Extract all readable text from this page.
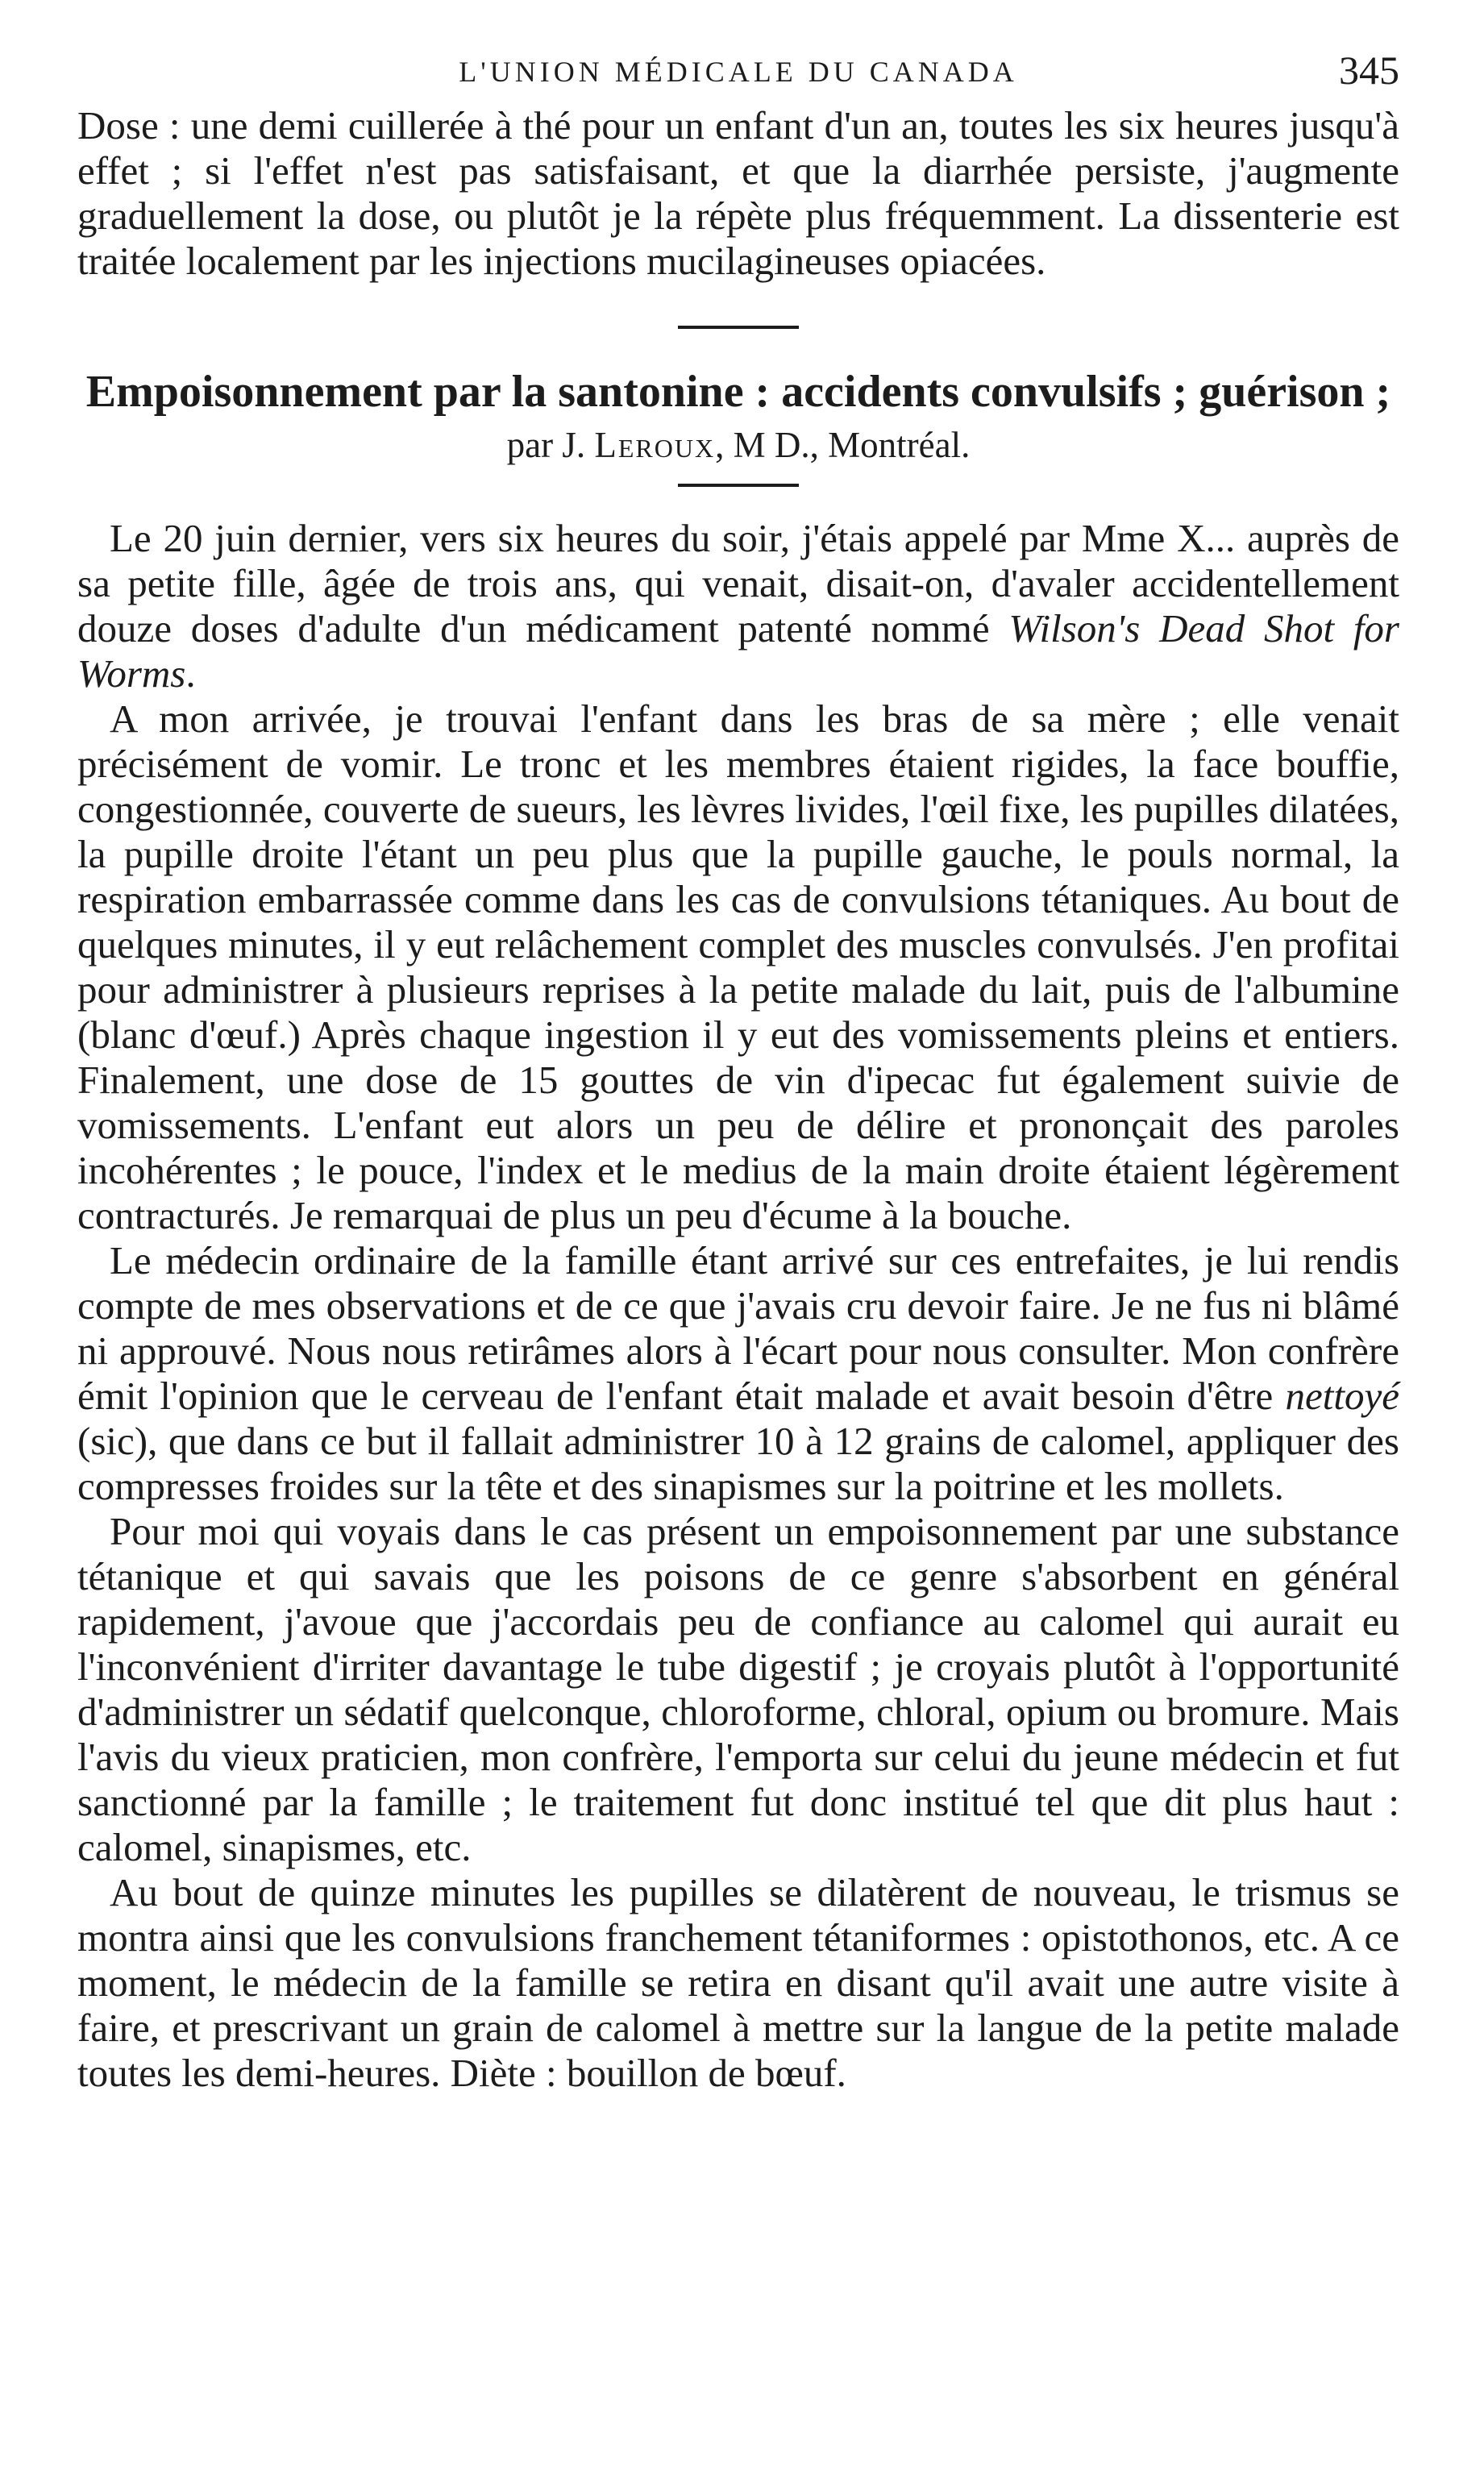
L'UNION MÉDICALE DU CANADA	345

Dose : une demi cuillerée à thé pour un enfant d'un an, toutes les six heures jusqu'à effet ; si l'effet n'est pas satisfaisant, et que la diarrhée persiste, j'augmente graduellement la dose, ou plutôt je la répète plus fréquemment. La dissenterie est traitée localement par les injections mucilagineuses opiacées.

Empoisonnement par la santonine : accidents convulsifs ; guérison ;

par J. Leroux, M D., Montréal.

Le 20 juin dernier, vers six heures du soir, j'étais appelé par Mme X... auprès de sa petite fille, âgée de trois ans, qui venait, disait-on, d'avaler accidentellement douze doses d'adulte d'un médicament patenté nommé Wilson's Dead Shot for Worms.

A mon arrivée, je trouvai l'enfant dans les bras de sa mère ; elle venait précisément de vomir. Le tronc et les membres étaient rigides, la face bouffie, congestionnée, couverte de sueurs, les lèvres livides, l'œil fixe, les pupilles dilatées, la pupille droite l'étant un peu plus que la pupille gauche, le pouls normal, la respiration embarrassée comme dans les cas de convulsions tétaniques. Au bout de quelques minutes, il y eut relâchement complet des muscles convulsés. J'en profitai pour administrer à plusieurs reprises à la petite malade du lait, puis de l'albumine (blanc d'œuf.) Après chaque ingestion il y eut des vomissements pleins et entiers. Finalement, une dose de 15 gouttes de vin d'ipecac fut également suivie de vomissements. L'enfant eut alors un peu de délire et prononçait des paroles incohérentes ; le pouce, l'index et le medius de la main droite étaient légèrement contracturés. Je remarquai de plus un peu d'écume à la bouche.

Le médecin ordinaire de la famille étant arrivé sur ces entrefaites, je lui rendis compte de mes observations et de ce que j'avais cru devoir faire. Je ne fus ni blâmé ni approuvé. Nous nous retirâmes alors à l'écart pour nous consulter. Mon confrère émit l'opinion que le cerveau de l'enfant était malade et avait besoin d'être nettoyé (sic), que dans ce but il fallait administrer 10 à 12 grains de calomel, appliquer des compresses froides sur la tête et des sinapismes sur la poitrine et les mollets.

Pour moi qui voyais dans le cas présent un empoisonnement par une substance tétanique et qui savais que les poisons de ce genre s'absorbent en général rapidement, j'avoue que j'accordais peu de confiance au calomel qui aurait eu l'inconvénient d'irriter davantage le tube digestif ; je croyais plutôt à l'opportunité d'administrer un sédatif quelconque, chloroforme, chloral, opium ou bromure. Mais l'avis du vieux praticien, mon confrère, l'emporta sur celui du jeune médecin et fut sanctionné par la famille ; le traitement fut donc institué tel que dit plus haut : calomel, sinapismes, etc.

Au bout de quinze minutes les pupilles se dilatèrent de nouveau, le trismus se montra ainsi que les convulsions franchement tétaniformes : opistothonos, etc. A ce moment, le médecin de la famille se retira en disant qu'il avait une autre visite à faire, et prescrivant un grain de calomel à mettre sur la langue de la petite malade toutes les demi-heures. Diète : bouillon de bœuf.
